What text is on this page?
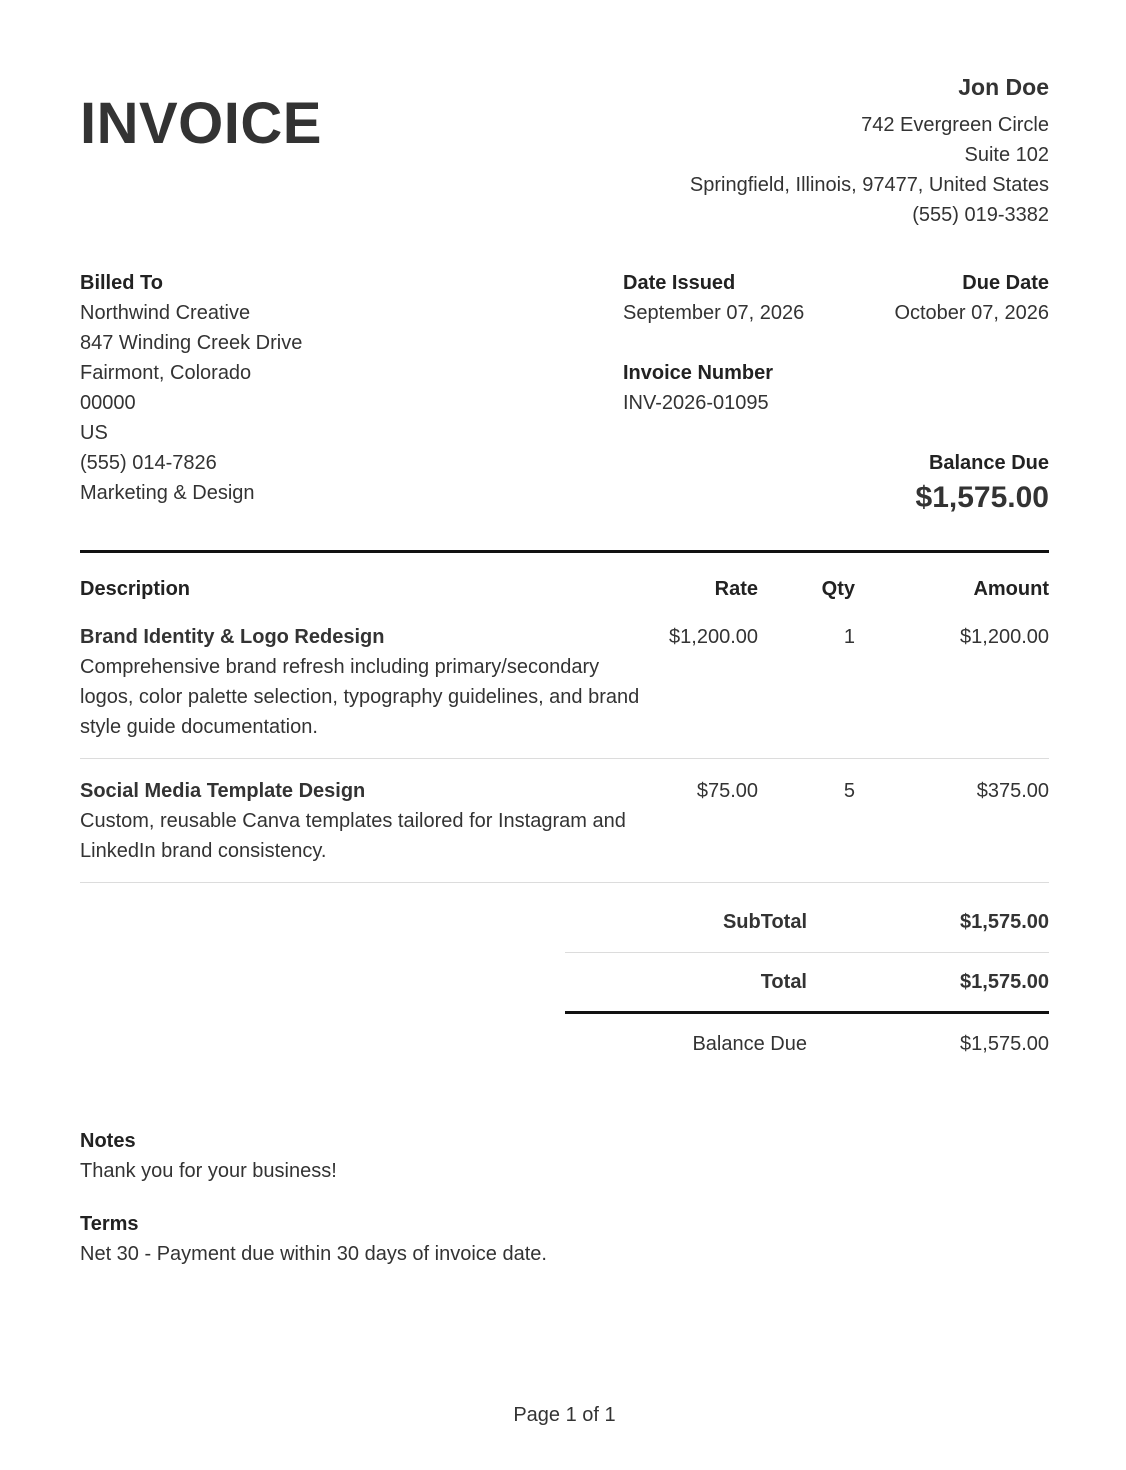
INVOICE
Jon Doe
742 Evergreen Circle
Suite 102
Springfield, Illinois, 97477, United States
(555) 019-3382
Billed To
Northwind Creative
847 Winding Creek Drive
Fairmont, Colorado
00000
US
(555) 014-7826
Marketing & Design
Date Issued
September 07, 2026
Invoice Number
INV-2026-01095
Due Date
October 07, 2026
Balance Due
$1,575.00
Description	Rate	Qty	Amount
Brand Identity & Logo Redesign
Comprehensive brand refresh including primary/secondary logos, color palette selection, typography guidelines, and brand style guide documentation.
$1,200.00	1	$1,200.00
Social Media Template Design
Custom, reusable Canva templates tailored for Instagram and LinkedIn brand consistency.
$75.00	5	$375.00
SubTotal	$1,575.00
Total	$1,575.00
Balance Due	$1,575.00
Notes
Thank you for your business!
Terms
Net 30 - Payment due within 30 days of invoice date.
Page 1 of 1
